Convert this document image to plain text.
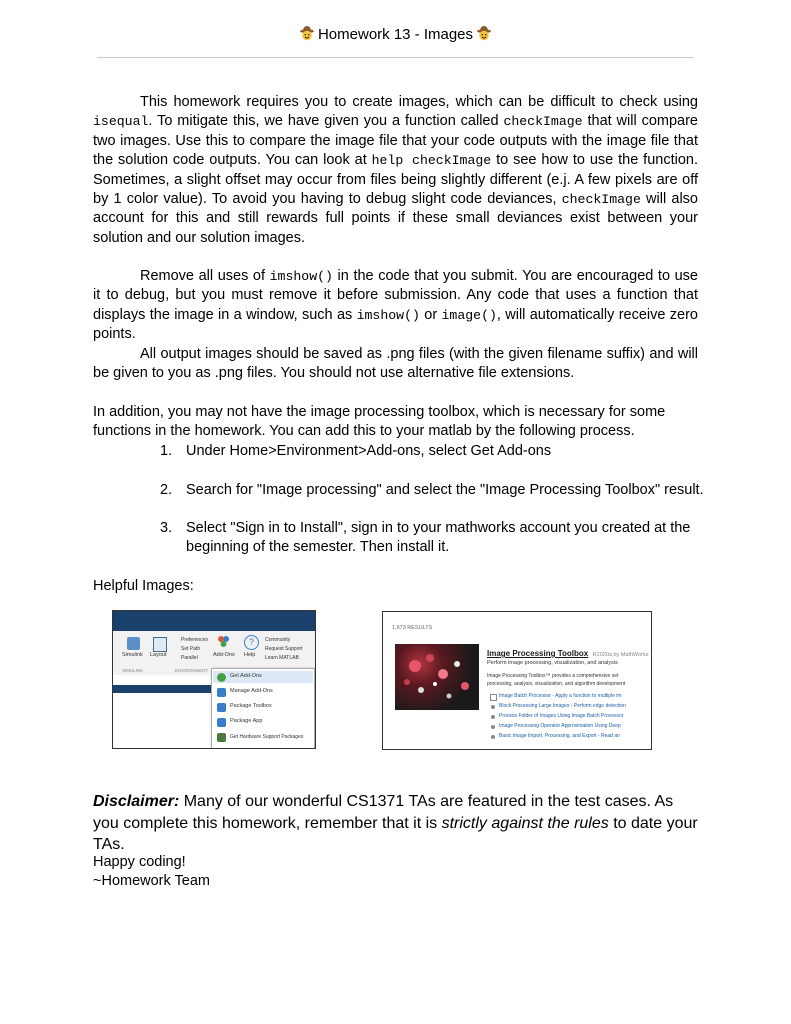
Homework 13 - Images
This homework requires you to create images, which can be difficult to check using isequal. To mitigate this, we have given you a function called checkImage that will compare two images. Use this to compare the image file that your code outputs with the image file that the solution code outputs. You can look at help checkImage to see how to use the function. Sometimes, a slight offset may occur from files being slightly different (e.j. A few pixels are off by 1 color value). To avoid you having to debug slight code deviances, checkImage will also account for this and still rewards full points if these small deviances exist between your solution and our solution images.
Remove all uses of imshow() in the code that you submit. You are encouraged to use it to debug, but you must remove it before submission. Any code that uses a function that displays the image in a window, such as imshow() or image(), will automatically receive zero points.
All output images should be saved as .png files (with the given filename suffix) and will be given to you as .png files. You should not use alternative file extensions.
In addition, you may not have the image processing toolbox, which is necessary for some
functions in the homework. You can add this to your matlab by the following process.
1. Under Home>Environment>Add-ons, select Get Add-ons
2. Search for "Image processing" and select the "Image Processing Toolbox" result.
3. Select "Sign in to Install", sign in to your mathworks account you created at the beginning of the semester. Then install it.
Helpful Images:
?
Simulink Layout	Add-Ons Help
Preferences
Set Path
Parallel
Community
Request Support
Learn MATLAB
SIMULINK	ENVIRONMENT
Get Add-Ons
Manage Add-Ons
Package Toolbox
Package App
Get Hardware Support Packages
1,673 RESULTS
Image Processing Toolbox R2020a by MathWorks
Perform image processing, visualization, and analysis
Image Processing Toolbox™ provides a comprehensive set
processing, analysis, visualization, and algorithm development
Image Batch Processor - Apply a function to multiple im
Block Processing Large Images - Perform edge detection
Process Folder of Images Using Image Batch Processor
Image Processing Operator Approximation Using Deep
Basic Image Import, Processing, and Export - Read an
Disclaimer: Many of our wonderful CS1371 TAs are featured in the test cases. As you complete this homework, remember that it is strictly against the rules to date your TAs.
Happy coding!
~Homework Team
